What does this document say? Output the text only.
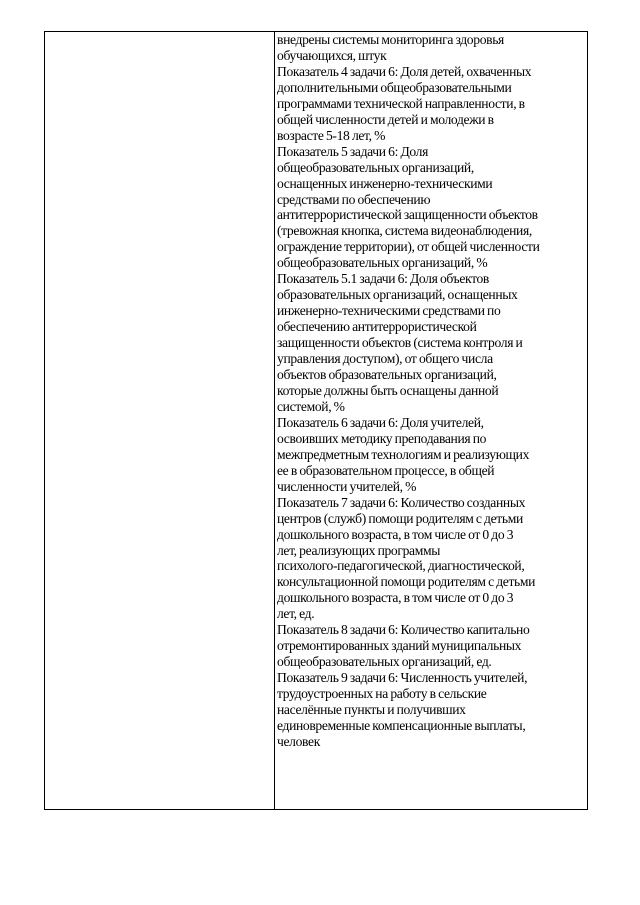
внедрены системы мониторинга здоровья
обучающихся, штук
Показатель 4 задачи 6: Доля детей, охваченных
дополнительными общеобразовательными
программами технической направленности, в
общей численности детей и молодежи в
возрасте 5-18 лет, %
Показатель 5 задачи 6: Доля
общеобразовательных организаций,
оснащенных инженерно-техническими
средствами по обеспечению
антитеррористической защищенности объектов
(тревожная кнопка, система видеонаблюдения,
ограждение территории), от общей численности
общеобразовательных организаций, %
Показатель 5.1 задачи 6: Доля объектов
образовательных организаций, оснащенных
инженерно-техническими средствами по
обеспечению антитеррористической
защищенности объектов (система контроля и
управления доступом), от общего числа
объектов образовательных организаций,
которые должны быть оснащены данной
системой, %
Показатель 6 задачи 6: Доля учителей,
освоивших методику преподавания по
межпредметным технологиям и реализующих
ее в образовательном процессе, в общей
численности учителей, %
Показатель 7 задачи 6: Количество созданных
центров (служб) помощи родителям с детьми
дошкольного возраста, в том числе от 0 до 3
лет, реализующих программы
психолого-педагогической, диагностической,
консультационной помощи родителям с детьми
дошкольного возраста, в том числе от 0 до 3
лет, ед.
Показатель 8 задачи 6: Количество капитально
отремонтированных зданий муниципальных
общеобразовательных организаций, ед.
Показатель 9 задачи 6: Численность учителей,
трудоустроенных на работу в сельские
населённые пункты и получивших
единовременные компенсационные выплаты,
человек
